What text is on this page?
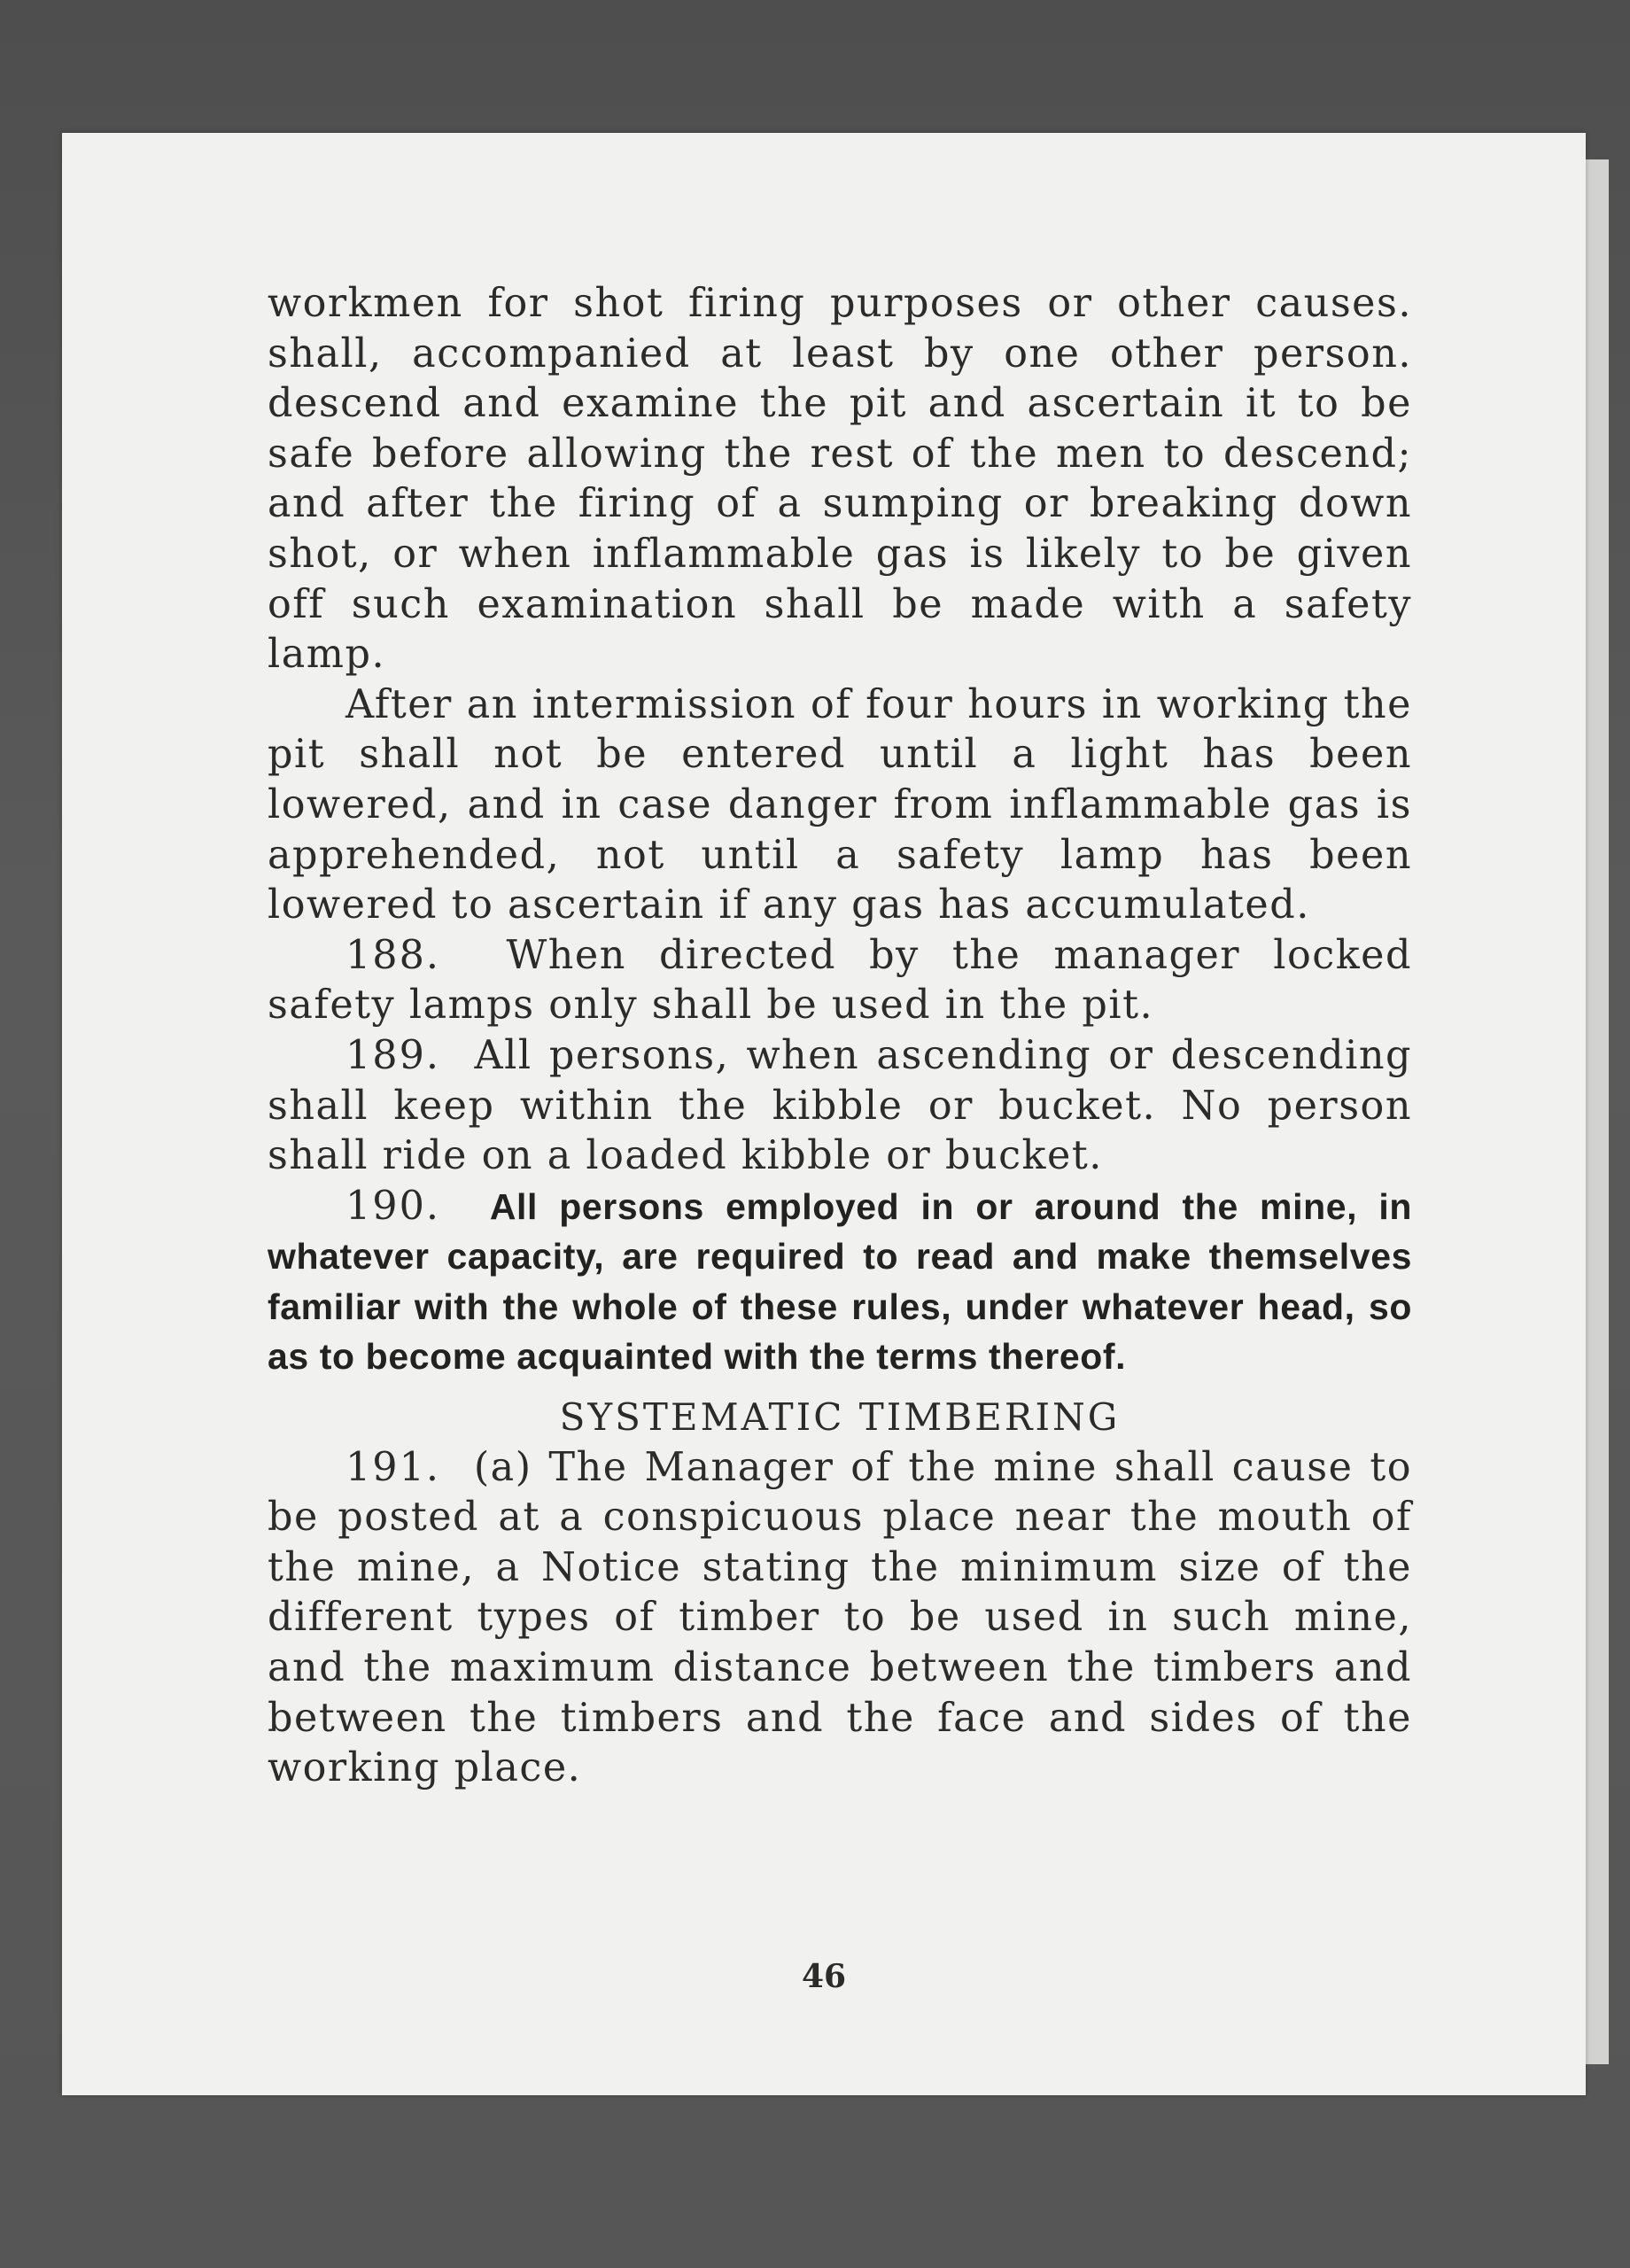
workmen for shot firing purposes or other causes. shall, accompanied at least by one other person. descend and examine the pit and ascertain it to be safe before allowing the rest of the men to descend; and after the firing of a sumping or breaking down shot, or when inflammable gas is likely to be given off such examination shall be made with a safety lamp.

After an intermission of four hours in working the pit shall not be entered until a light has been lowered, and in case danger from inflammable gas is apprehended, not until a safety lamp has been lowered to ascertain if any gas has accumulated.

188. When directed by the manager locked safety lamps only shall be used in the pit.

189. All persons, when ascending or descending shall keep within the kibble or bucket. No person shall ride on a loaded kibble or bucket.

190. All persons employed in or around the mine, in whatever capacity, are required to read and make themselves familiar with the whole of these rules, under whatever head, so as to become acquainted with the terms thereof.

SYSTEMATIC TIMBERING

191. (a) The Manager of the mine shall cause to be posted at a conspicuous place near the mouth of the mine, a Notice stating the minimum size of the different types of timber to be used in such mine, and the maximum distance between the timbers and between the timbers and the face and sides of the working place.

46
